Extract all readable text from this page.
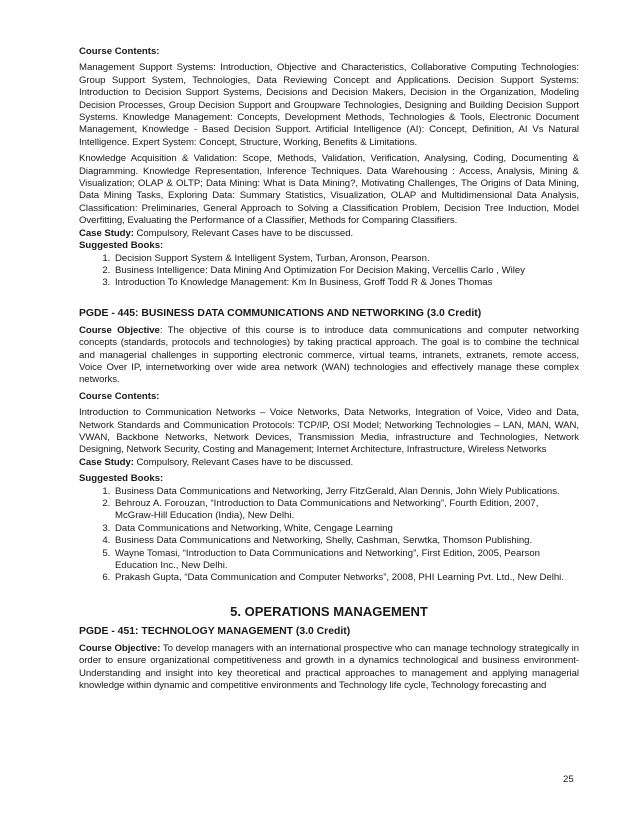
Course Contents:

Management Support Systems: Introduction, Objective and Characteristics, Collaborative Computing Technologies: Group Support System, Technologies, Data Reviewing Concept and Applications. Decision Support Systems: Introduction to Decision Support Systems, Decisions and Decision Makers, Decision in the Organization, Modeling Decision Processes, Group Decision Support and Groupware Technologies, Designing and Building Decision Support Systems. Knowledge Management: Concepts, Development Methods, Technologies & Tools, Electronic Document Management, Knowledge - Based Decision Support. Artificial Intelligence (AI): Concept, Definition, AI Vs Natural Intelligence. Expert System: Concept, Structure, Working, Benefits & Limitations.

Knowledge Acquisition & Validation: Scope, Methods, Validation, Verification, Analysing, Coding, Documenting & Diagramming. Knowledge Representation, Inference Techniques. Data Warehousing : Access, Analysis, Mining & Visualization; OLAP & OLTP; Data Mining: What is Data Mining?, Motivating Challenges, The Origins of Data Mining, Data Mining Tasks, Exploring Data: Summary Statistics, Visualization, OLAP and Multidimensional Data Analysis, Classification: Preliminaries, General Approach to Solving a Classification Problem, Decision Tree Induction, Model Overfitting, Evaluating the Performance of a Classifier, Methods for Comparing Classifiers.

Case Study: Compulsory, Relevant Cases have to be discussed.

Suggested Books:
1. Decision Support System & Intelligent System, Turban, Aronson, Pearson.
2. Business Intelligence: Data Mining And Optimization For Decision Making, Vercellis Carlo , Wiley
3. Introduction To Knowledge Management: Km In Business, Groff Todd R & Jones Thomas
PGDE - 445: BUSINESS DATA COMMUNICATIONS AND NETWORKING (3.0 Credit)

Course Objective: The objective of this course is to introduce data communications and computer networking concepts (standards, protocols and technologies) by taking practical approach. The goal is to combine the technical and managerial challenges in supporting electronic commerce, virtual teams, intranets, extranets, remote access, Voice Over IP, internetworking over wide area network (WAN) technologies and effectively manage these complex networks.

Course Contents:

Introduction to Communication Networks – Voice Networks, Data Networks, Integration of Voice, Video and Data, Network Standards and Communication Protocols: TCP/IP, OSI Model; Networking Technologies – LAN, MAN, WAN, VWAN, Backbone Networks, Network Devices, Transmission Media, infrastructure and Technologies, Network Designing, Network Security, Costing and Management; Internet Architecture, Infrastructure, Wireless Networks

Case Study: Compulsory, Relevant Cases have to be discussed.

Suggested Books:
1. Business Data Communications and Networking, Jerry FitzGerald, Alan Dennis, John Wiely Publications.
2. Behrouz A. Forouzan, “Introduction to Data Communications and Networking”, Fourth Edition, 2007, McGraw-Hill Education (India), New Delhi.
3. Data Communications and Networking, White, Cengage Learning
4. Business Data Communications and Networking, Shelly, Cashman, Serwtka, Thomson Publishing.
5. Wayne Tomasi, “Introduction to Data Communications and Networking”, First Edition, 2005, Pearson Education Inc., New Delhi.
6. Prakash Gupta, “Data Communication and Computer Networks”, 2008, PHI Learning Pvt. Ltd., New Delhi.
5. OPERATIONS MANAGEMENT
PGDE - 451: TECHNOLOGY MANAGEMENT (3.0 Credit)

Course Objective: To develop managers with an international prospective who can manage technology strategically in order to ensure organizational competitiveness and growth in a dynamics technological and business environment- Understanding and insight into key theoretical and practical approaches to management and applying managerial knowledge within dynamic and competitive environments and Technology life cycle, Technology forecasting and

25
